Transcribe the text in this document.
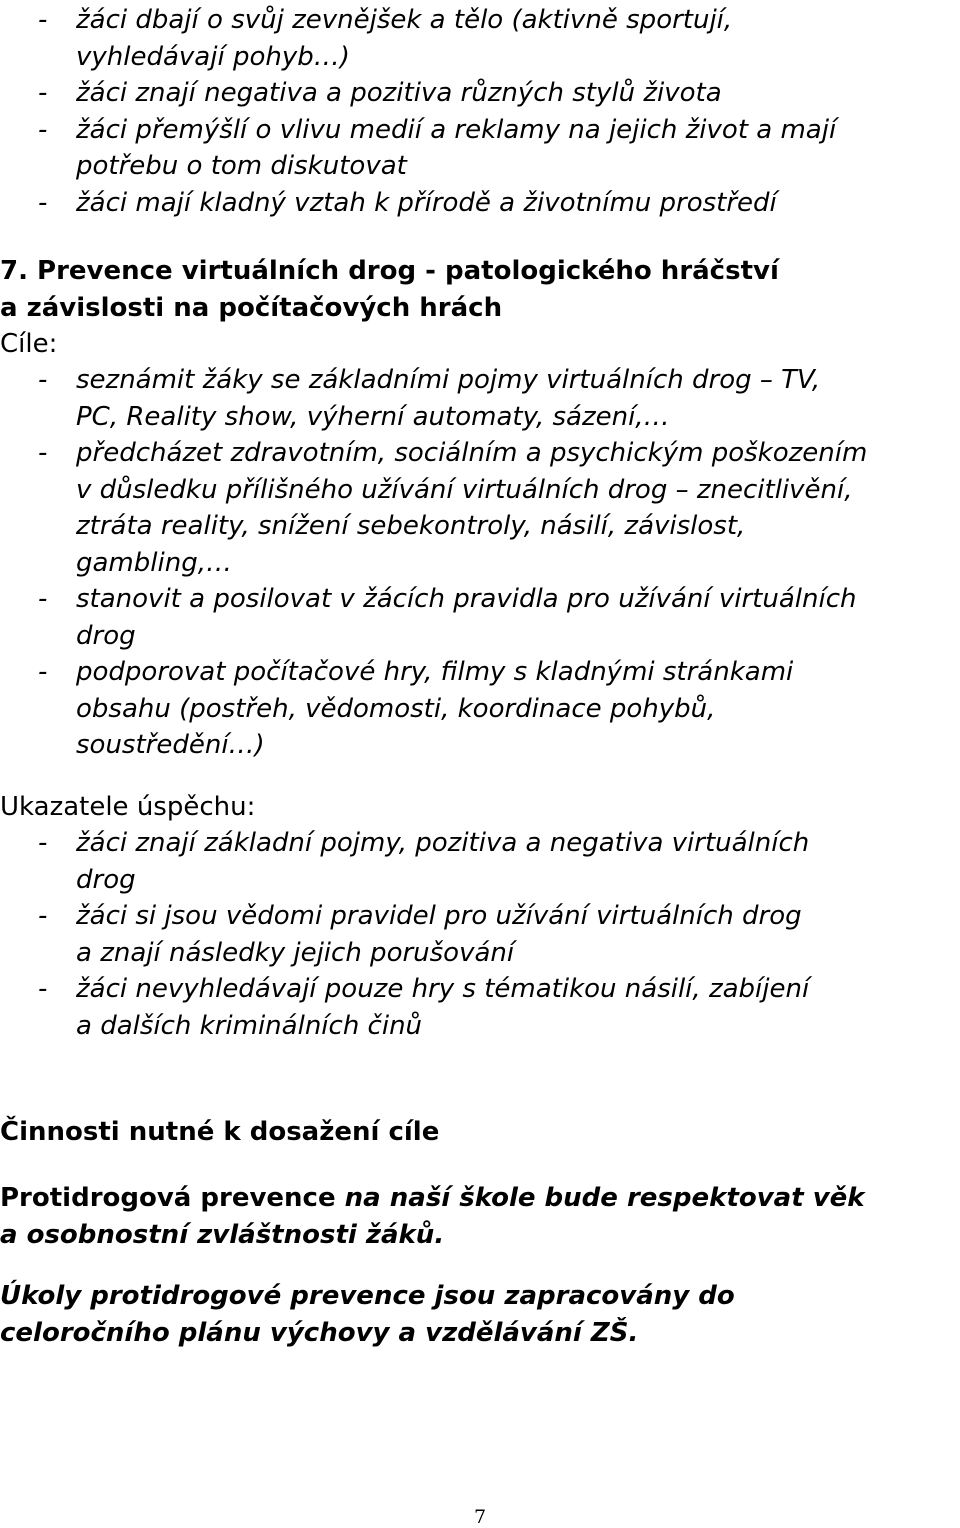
-	žáci dbají o svůj zevnějšek a tělo (aktivně sportují,
vyhledávají pohyb…)
-	žáci znají negativa a pozitiva různých stylů života
-	žáci přemýšlí o vlivu medií a reklamy na jejich život a mají
potřebu o tom diskutovat
-	žáci mají kladný vztah k přírodě a životnímu prostředí
7. Prevence virtuálních drog - patologického hráčství
a závislosti na počítačových hrách
Cíle:
-	seznámit žáky se základními pojmy virtuálních drog – TV,
PC, Reality show, výherní automaty, sázení,…
-	předcházet zdravotním, sociálním a psychickým poškozením
v důsledku přílišného užívání virtuálních drog – znecitlivění,
ztráta reality, snížení sebekontroly, násilí, závislost,
gambling,…
-	stanovit a posilovat v žácích pravidla pro užívání virtuálních
drog
-	podporovat počítačové hry, filmy s kladnými stránkami
obsahu (postřeh, vědomosti, koordinace pohybů,
soustředění…)
Ukazatele úspěchu:
-	žáci znají základní pojmy, pozitiva a negativa virtuálních
drog
-	žáci si jsou vědomi pravidel pro užívání virtuálních drog
a znají následky jejich porušování
-	žáci nevyhledávají pouze hry s tématikou násilí, zabíjení
a dalších kriminálních činů
Činnosti nutné k dosažení cíle
Protidrogová prevence na naší škole bude respektovat věk
a osobnostní zvláštnosti žáků.
Úkoly protidrogové prevence jsou zapracovány do
celoročního plánu výchovy a vzdělávání ZŠ.
7
